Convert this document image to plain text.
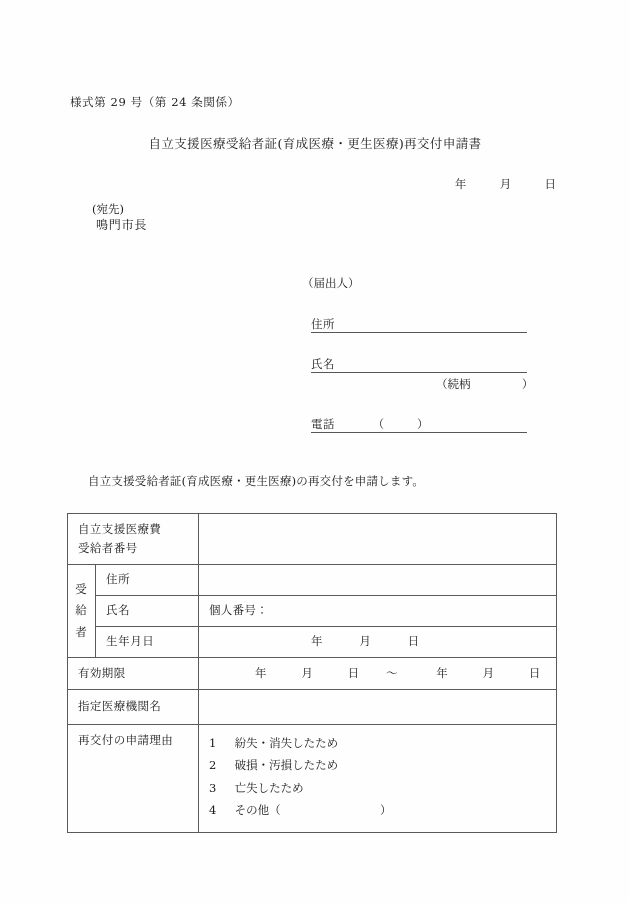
様式第 29 号（第 24 条関係）
自立支援医療受給者証(育成医療・更生医療)再交付申請書
年	月	日
(宛先)
鳴門市長
（届出人）
住所
氏名
（続柄	）
電話	（	）
自立支援受給者証(育成医療・更生医療)の再交付を申請します。
自立支援医療費
受給者番号		

受
給
者	住所	

	氏名	個人番号：

	生年月日	年 月 日

有効期限		年 月 日 ～ 年 月 日

指定医療機関名		

再交付の申請理由		1 紛失・消失したため
2 破損・汚損したため
3 亡失したため
4 その他（ ）
